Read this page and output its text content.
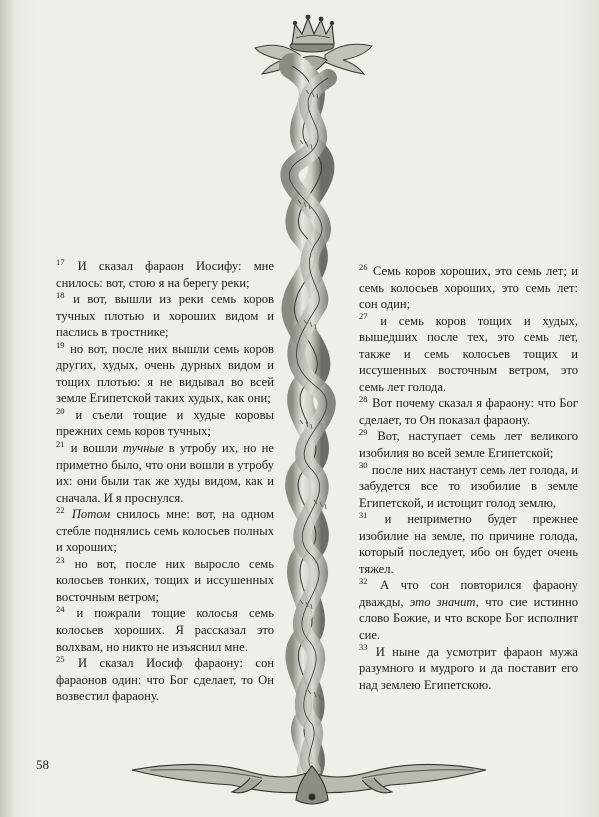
$^{17}$ И сказал фараон Иосифу: мне снилось: вот, стою я на берегу реки;

$^{18}$ и вот, вышли из реки семь коров тучных плотью и хороших видом и паслись в тростнике;

$^{19}$ но вот, после них вышли семь коров других, худых, очень дурных видом и тощих плотью: я не видывал во всей земле Египетской таких худых, как они;

$^{20}$ и съели тощие и худые коровы прежних семь коров тучных;

$^{21}$ и вошли тучные в утробу их, но не приметно было, что они вошли в утробу их: они были так же худы видом, как и сначала. И я проснулся.

$^{22}$ Потом снилось мне: вот, на одном стебле поднялись семь колосьев полных и хороших;

$^{23}$ но вот, после них выросло семь колосьев тонких, тощих и иссушенных восточным ветром;

$^{24}$ и пожрали тощие колосья семь колосьев хороших. Я рассказал это волхвам, но никто не изъяснил мне.

$^{25}$ И сказал Иосиф фараону: сон фараонов один: что Бог сделает, то Он возвестил фараону.

$^{26}$ Семь коров хороших, это семь лет; и семь колосьев хороших, это семь лет: сон один;

$^{27}$ и семь коров тощих и худых, вышедших после тех, это семь лет, также и семь колосьев тощих и иссушенных восточным ветром, это семь лет голода.

$^{28}$ Вот почему сказал я фараону: что Бог сделает, то Он показал фараону.

$^{29}$ Вот, наступает семь лет великого изобилия во всей земле Египетской;

$^{30}$ после них настанут семь лет голода, и забудется все то изобилие в земле Египетской, и истощит голод землю,

$^{31}$ и неприметно будет прежнее изобилие на земле, по причине голода, который последует, ибо он будет очень тяжел.

$^{32}$ А что сон повторился фараону дважды, это значит, что сие истинно слово Божие, и что вскоре Бог исполнит сие.

$^{33}$ И ныне да усмотрит фараон мужа разумного и мудрого и да поставит его над землею Египетскою.

58
